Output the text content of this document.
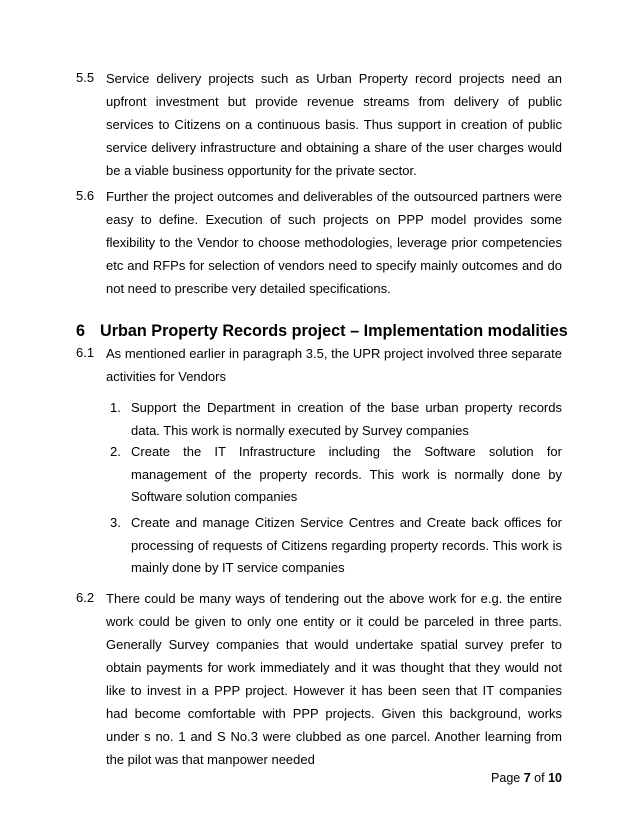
5.5 Service delivery projects such as Urban Property record projects need an upfront investment but provide revenue streams from delivery of public services to Citizens on a continuous basis. Thus support in creation of public service delivery infrastructure and obtaining a share of the user charges would be a viable business opportunity for the private sector.
5.6 Further the project outcomes and deliverables of the outsourced partners were easy to define. Execution of such projects on PPP model provides some flexibility to the Vendor to choose methodologies, leverage prior competencies etc and RFPs for selection of vendors need to specify mainly outcomes and do not need to prescribe very detailed specifications.
6 Urban Property Records project – Implementation modalities
6.1 As mentioned earlier in paragraph 3.5, the UPR project involved three separate activities for Vendors
1. Support the Department in creation of the base urban property records data. This work is normally executed by Survey companies
2. Create the IT Infrastructure including the Software solution for management of the property records. This work is normally done by Software solution companies
3. Create and manage Citizen Service Centres and Create back offices for processing of requests of Citizens regarding property records. This work is mainly done by IT service companies
6.2 There could be many ways of tendering out the above work for e.g. the entire work could be given to only one entity or it could be parceled in three parts. Generally Survey companies that would undertake spatial survey prefer to obtain payments for work immediately and it was thought that they would not like to invest in a PPP project. However it has been seen that IT companies had become comfortable with PPP projects. Given this background, works under s no. 1 and S No.3 were clubbed as one parcel. Another learning from the pilot was that manpower needed
Page 7 of 10
